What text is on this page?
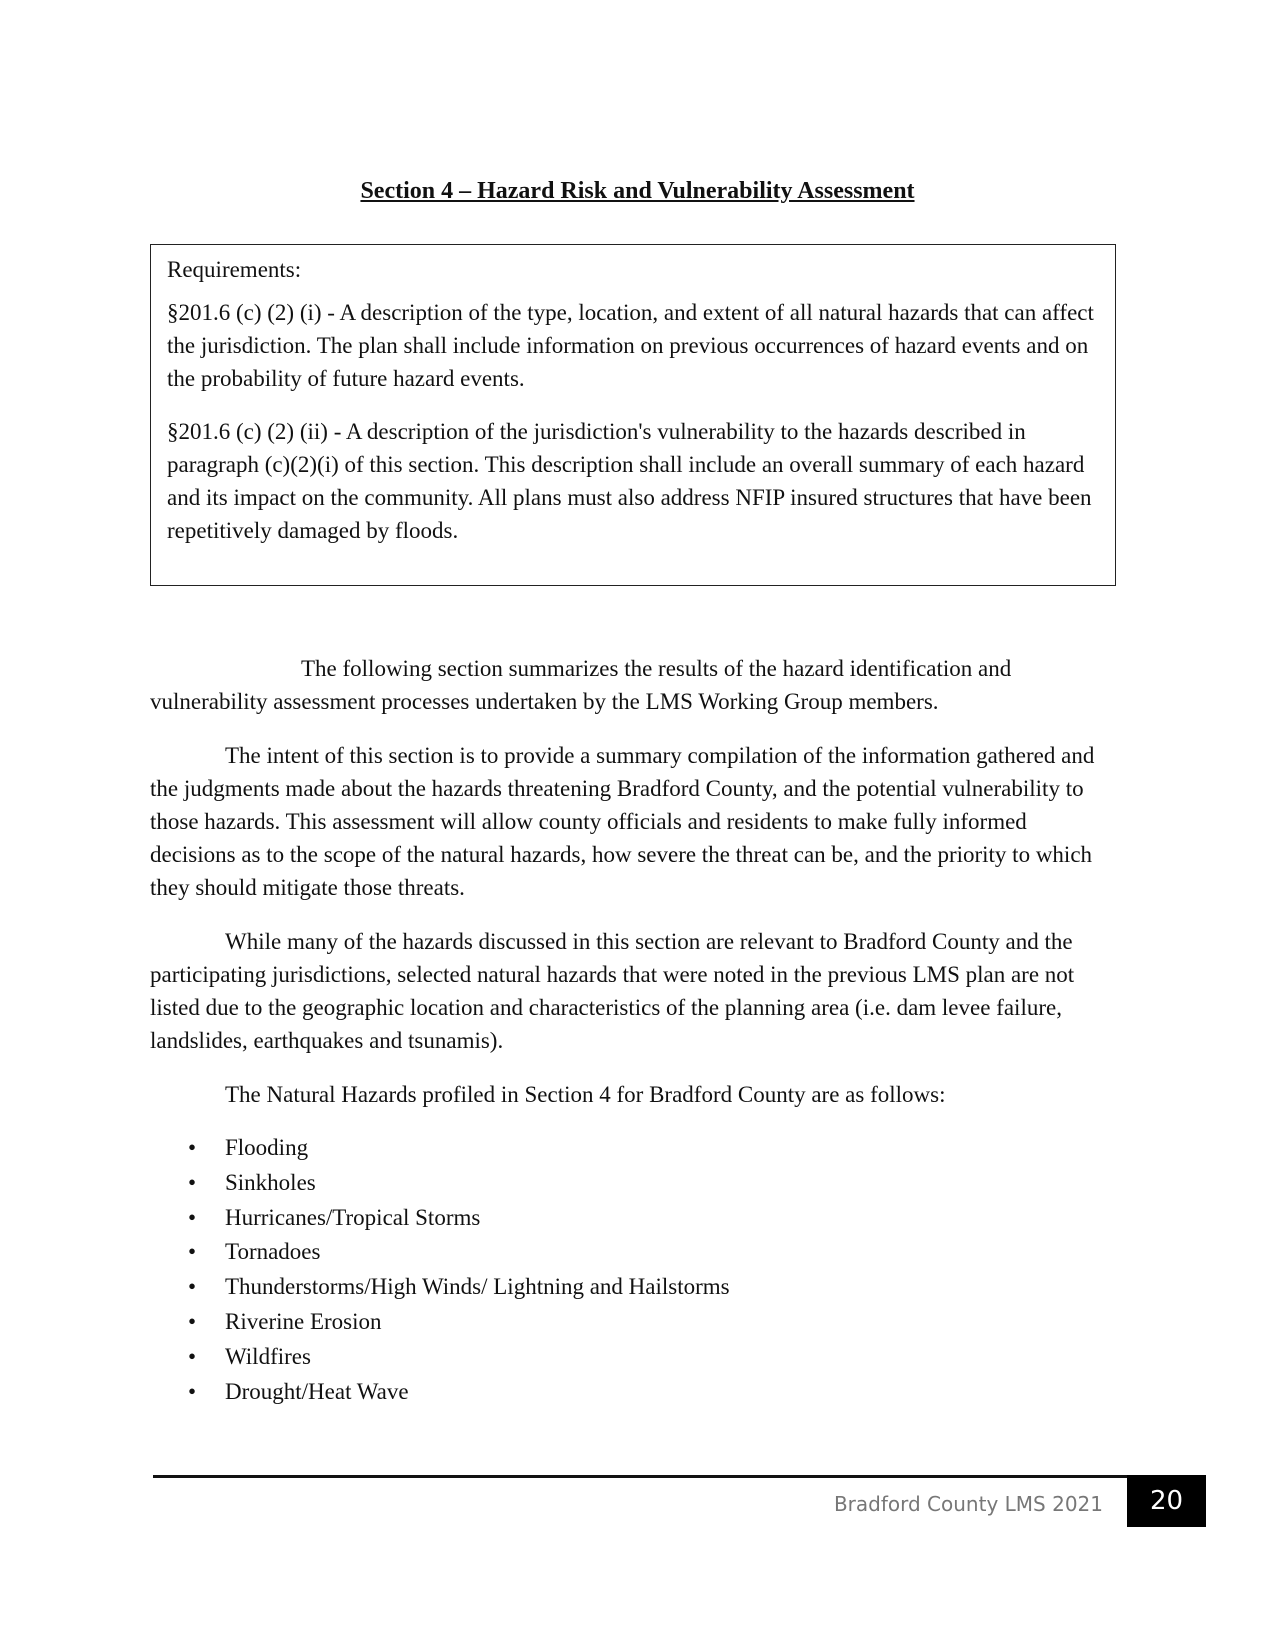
Section 4 – Hazard Risk and Vulnerability Assessment

Requirements:

§201.6 (c) (2) (i) - A description of the type, location, and extent of all natural hazards that can affect the jurisdiction. The plan shall include information on previous occurrences of hazard events and on the probability of future hazard events.

§201.6 (c) (2) (ii) - A description of the jurisdiction's vulnerability to the hazards described in paragraph (c)(2)(i) of this section. This description shall include an overall summary of each hazard and its impact on the community. All plans must also address NFIP insured structures that have been repetitively damaged by floods.

The following section summarizes the results of the hazard identification and vulnerability assessment processes undertaken by the LMS Working Group members.

The intent of this section is to provide a summary compilation of the information gathered and the judgments made about the hazards threatening Bradford County, and the potential vulnerability to those hazards. This assessment will allow county officials and residents to make fully informed decisions as to the scope of the natural hazards, how severe the threat can be, and the priority to which they should mitigate those threats.

While many of the hazards discussed in this section are relevant to Bradford County and the participating jurisdictions, selected natural hazards that were noted in the previous LMS plan are not listed due to the geographic location and characteristics of the planning area (i.e. dam levee failure, landslides, earthquakes and tsunamis).

The Natural Hazards profiled in Section 4 for Bradford County are as follows:

• Flooding
• Sinkholes
• Hurricanes/Tropical Storms
• Tornadoes
• Thunderstorms/High Winds/ Lightning and Hailstorms
• Riverine Erosion
• Wildfires
• Drought/Heat Wave
Bradford County LMS 2021	20
